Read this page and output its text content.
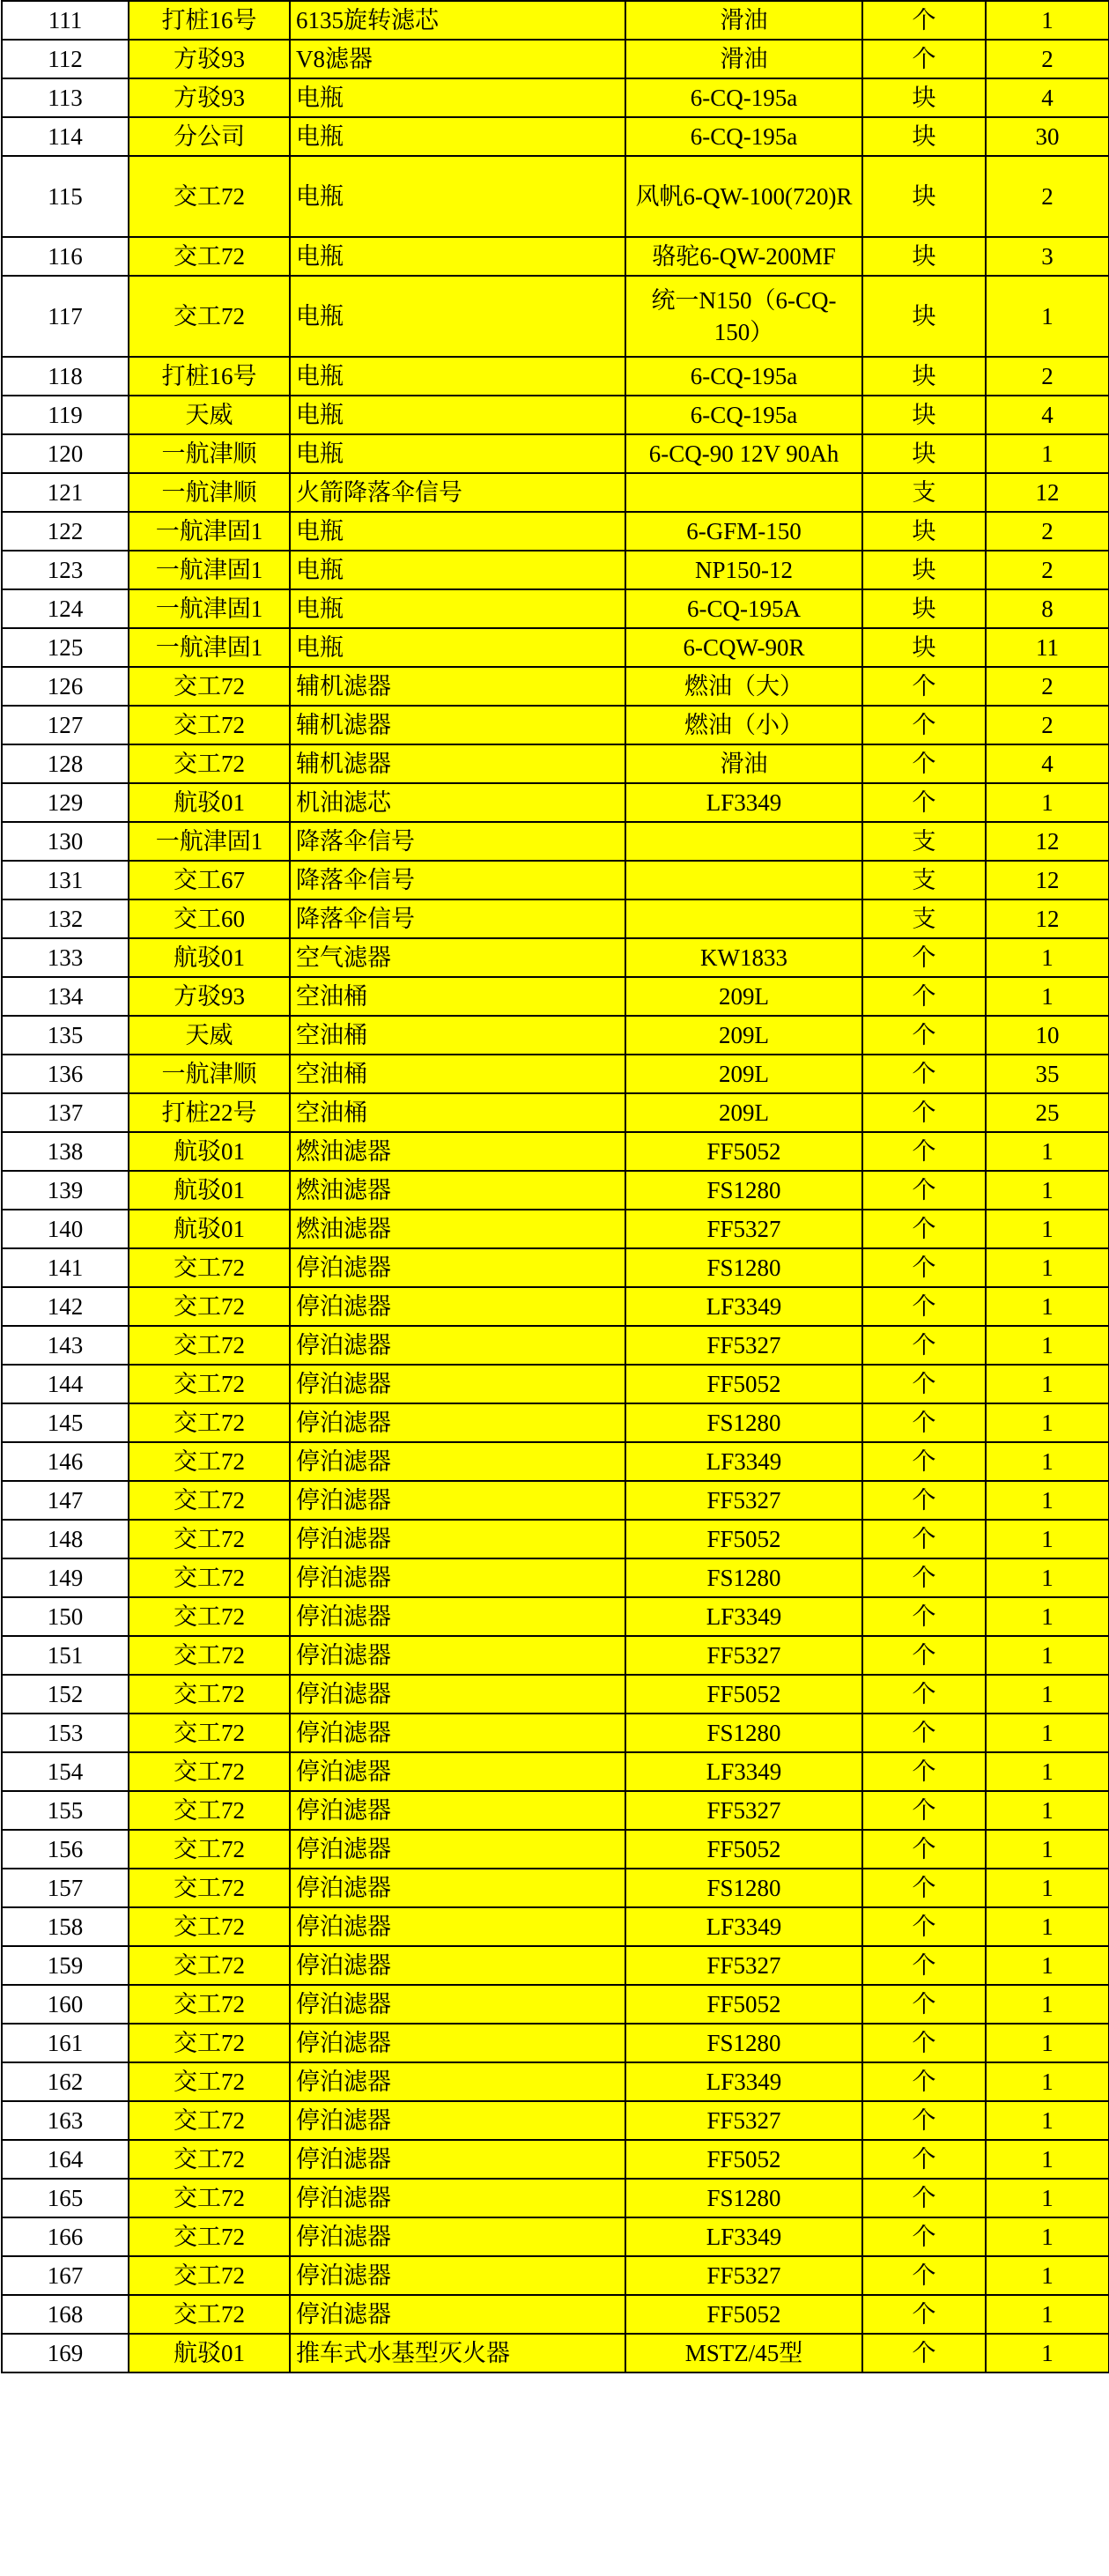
111	打桩16号	6135旋转滤芯	滑油	个	1
112	方驳93	V8滤器	滑油	个	2
113	方驳93	电瓶	6-CQ-195a	块	4
114	分公司	电瓶	6-CQ-195a	块	30
115	交工72	电瓶	风帆6-QW-100(720)R	块	2
116	交工72	电瓶	骆驼6-QW-200MF	块	3
117	交工72	电瓶	统一N150（6-CQ-150）	块	1
118	打桩16号	电瓶	6-CQ-195a	块	2
119	天威	电瓶	6-CQ-195a	块	4
120	一航津顺	电瓶	6-CQ-90 12V 90Ah	块	1
121	一航津顺	火箭降落伞信号		支	12
122	一航津固1	电瓶	6-GFM-150	块	2
123	一航津固1	电瓶	NP150-12	块	2
124	一航津固1	电瓶	6-CQ-195A	块	8
125	一航津固1	电瓶	6-CQW-90R	块	11
126	交工72	辅机滤器	燃油（大）	个	2
127	交工72	辅机滤器	燃油（小）	个	2
128	交工72	辅机滤器	滑油	个	4
129	航驳01	机油滤芯	LF3349	个	1
130	一航津固1	降落伞信号		支	12
131	交工67	降落伞信号		支	12
132	交工60	降落伞信号		支	12
133	航驳01	空气滤器	KW1833	个	1
134	方驳93	空油桶	209L	个	1
135	天威	空油桶	209L	个	10
136	一航津顺	空油桶	209L	个	35
137	打桩22号	空油桶	209L	个	25
138	航驳01	燃油滤器	FF5052	个	1
139	航驳01	燃油滤器	FS1280	个	1
140	航驳01	燃油滤器	FF5327	个	1
141	交工72	停泊滤器	FS1280	个	1
142	交工72	停泊滤器	LF3349	个	1
143	交工72	停泊滤器	FF5327	个	1
144	交工72	停泊滤器	FF5052	个	1
145	交工72	停泊滤器	FS1280	个	1
146	交工72	停泊滤器	LF3349	个	1
147	交工72	停泊滤器	FF5327	个	1
148	交工72	停泊滤器	FF5052	个	1
149	交工72	停泊滤器	FS1280	个	1
150	交工72	停泊滤器	LF3349	个	1
151	交工72	停泊滤器	FF5327	个	1
152	交工72	停泊滤器	FF5052	个	1
153	交工72	停泊滤器	FS1280	个	1
154	交工72	停泊滤器	LF3349	个	1
155	交工72	停泊滤器	FF5327	个	1
156	交工72	停泊滤器	FF5052	个	1
157	交工72	停泊滤器	FS1280	个	1
158	交工72	停泊滤器	LF3349	个	1
159	交工72	停泊滤器	FF5327	个	1
160	交工72	停泊滤器	FF5052	个	1
161	交工72	停泊滤器	FS1280	个	1
162	交工72	停泊滤器	LF3349	个	1
163	交工72	停泊滤器	FF5327	个	1
164	交工72	停泊滤器	FF5052	个	1
165	交工72	停泊滤器	FS1280	个	1
166	交工72	停泊滤器	LF3349	个	1
167	交工72	停泊滤器	FF5327	个	1
168	交工72	停泊滤器	FF5052	个	1
169	航驳01	推车式水基型灭火器	MSTZ/45型	个	1
